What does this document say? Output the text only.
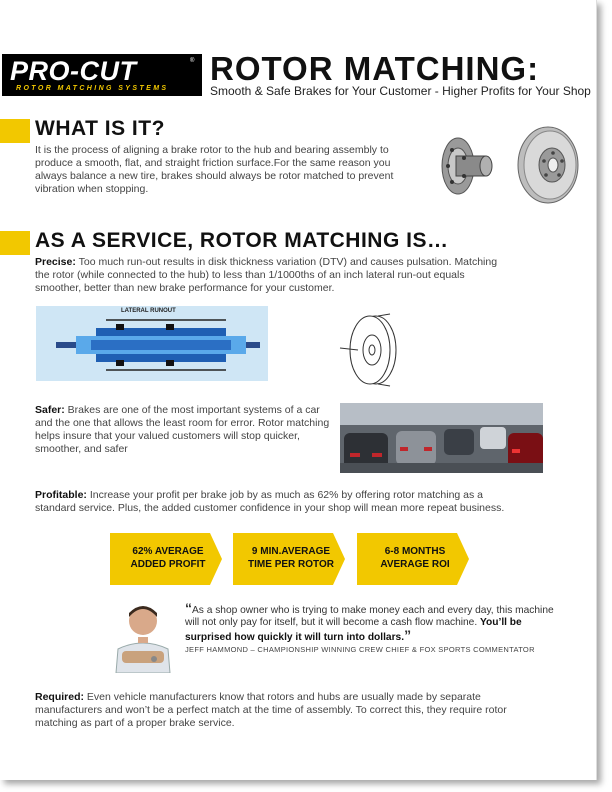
PRO-CUT	®
ROTOR MATCHING SYSTEMS
ROTOR MATCHING:
Smooth & Safe Brakes for Your Customer - Higher Profits for Your Shop
WHAT IS IT?
It is the process of aligning a brake rotor to the hub and bearing assembly to produce a smooth, flat, and straight friction surface.For the same reason you always balance a new tire, brakes should always be rotor matched to prevent vibration when stopping.
AS A SERVICE, ROTOR MATCHING IS…
Precise: Too much run-out results in disk thickness variation (DTV) and causes pulsation. Matching the rotor (while connected to the hub) to less than 1/1000ths of an inch lateral run-out equals smoother, better than new brake performance for your customer.
LATERAL RUNOUT
Safer: Brakes are one of the most important systems of a car and the one that allows the least room for error. Rotor matching helps insure that your valued customers will stop quicker, smoother, and safer
Profitable: Increase your profit per brake job by as much as 62% by offering rotor matching as a standard service. Plus, the added customer confidence in your shop will mean more repeat business.
62% AVERAGE
ADDED PROFIT
9 MIN.AVERAGE
TIME PER ROTOR
6-8 MONTHS
AVERAGE ROI
“As a shop owner who is trying to make money each and every day, this machine will not only pay for itself, but it will become a cash flow machine. You’ll be surprised how quickly it will turn into dollars.”
JEFF HAMMOND – CHAMPIONSHIP WINNING CREW CHIEF & FOX SPORTS COMMENTATOR
Required: Even vehicle manufacturers know that rotors and hubs are usually made by separate manufacturers and won’t be a perfect match at the time of assembly. To correct this, they require rotor matching as part of a proper brake service.
